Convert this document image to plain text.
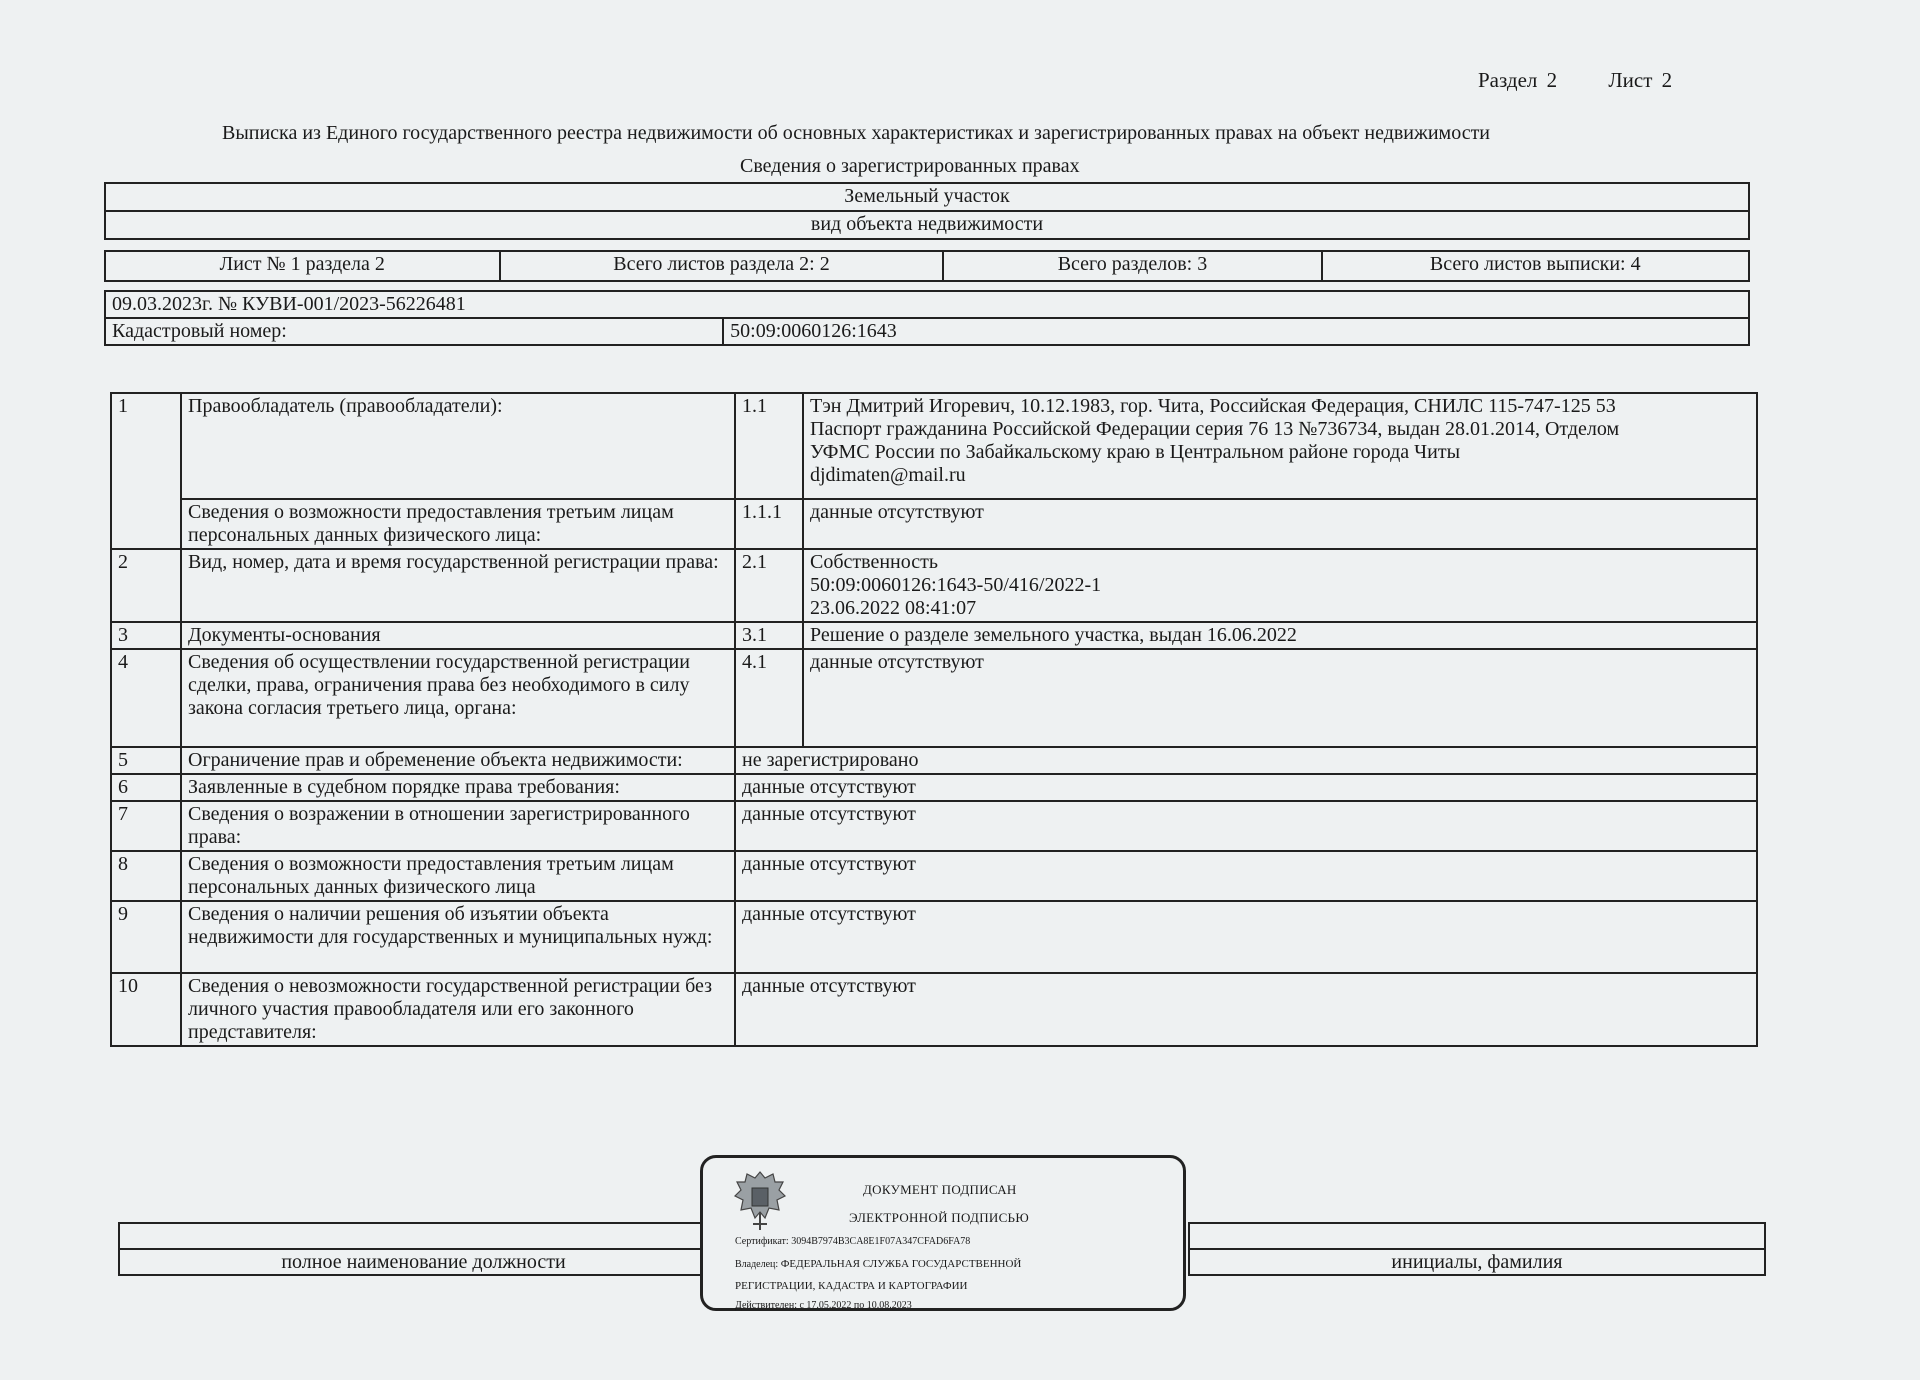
Раздел 2 Лист 2
Выписка из Единого государственного реестра недвижимости об основных характеристиках и зарегистрированных правах на объект недвижимости
Сведения о зарегистрированных правах
Земельный участок
вид объекта недвижимости
Лист № 1 раздела 2	Всего листов раздела 2: 2	Всего разделов: 3	Всего листов выписки: 4
09.03.2023г. № КУВИ-001/2023-56226481
Кадастровый номер:	50:09:0060126:1643
1	Правообладатель (правообладатели):	1.1	Тэн Дмитрий Игоревич, 10.12.1983, гор. Чита, Российская Федерация, СНИЛС 115-747-125 53
Паспорт гражданина Российской Федерации серия 76 13 №736734, выдан 28.01.2014, Отделом
УФМС России по Забайкальскому краю в Центральном районе города Читы
djdimaten@mail.ru

	Сведения о возможности предоставления третьим лицам персональных данных физического лица:	1.1.1	данные отсутствуют
2	Вид, номер, дата и время государственной регистрации права:	2.1	Собственность
50:09:0060126:1643-50/416/2022-1
23.06.2022 08:41:07

3	Документы-основания	3.1	Решение о разделе земельного участка, выдан 16.06.2022
4	Сведения об осуществлении государственной регистрации сделки, права, ограничения права без необходимого в силу закона согласия третьего лица, органа:	4.1	данные отсутствуют
5	Ограничение прав и обременение объекта недвижимости:	не зарегистрировано	
6	Заявленные в судебном порядке права требования:	данные отсутствуют	
7	Сведения о возражении в отношении зарегистрированного права:	данные отсутствуют	
8	Сведения о возможности предоставления третьим лицам персональных данных физического лица	данные отсутствуют	
9	Сведения о наличии решения об изъятии объекта недвижимости для государственных и муниципальных нужд:	данные отсутствуют	
10	Сведения о невозможности государственной регистрации без личного участия правообладателя или его законного представителя:	данные отсутствуют	

полное наименование должности		инициалы, фамилия
ДОКУМЕНТ ПОДПИСАН
ЭЛЕКТРОННОЙ ПОДПИСЬЮ
Сертификат: 3094B7974B3CA8E1F07A347CFAD6FA78
Владелец: ФЕДЕРАЛЬНАЯ СЛУЖБА ГОСУДАРСТВЕННОЙ
РЕГИСТРАЦИИ, КАДАСТРА И КАРТОГРАФИИ
Действителен: с 17.05.2022 по 10.08.2023
